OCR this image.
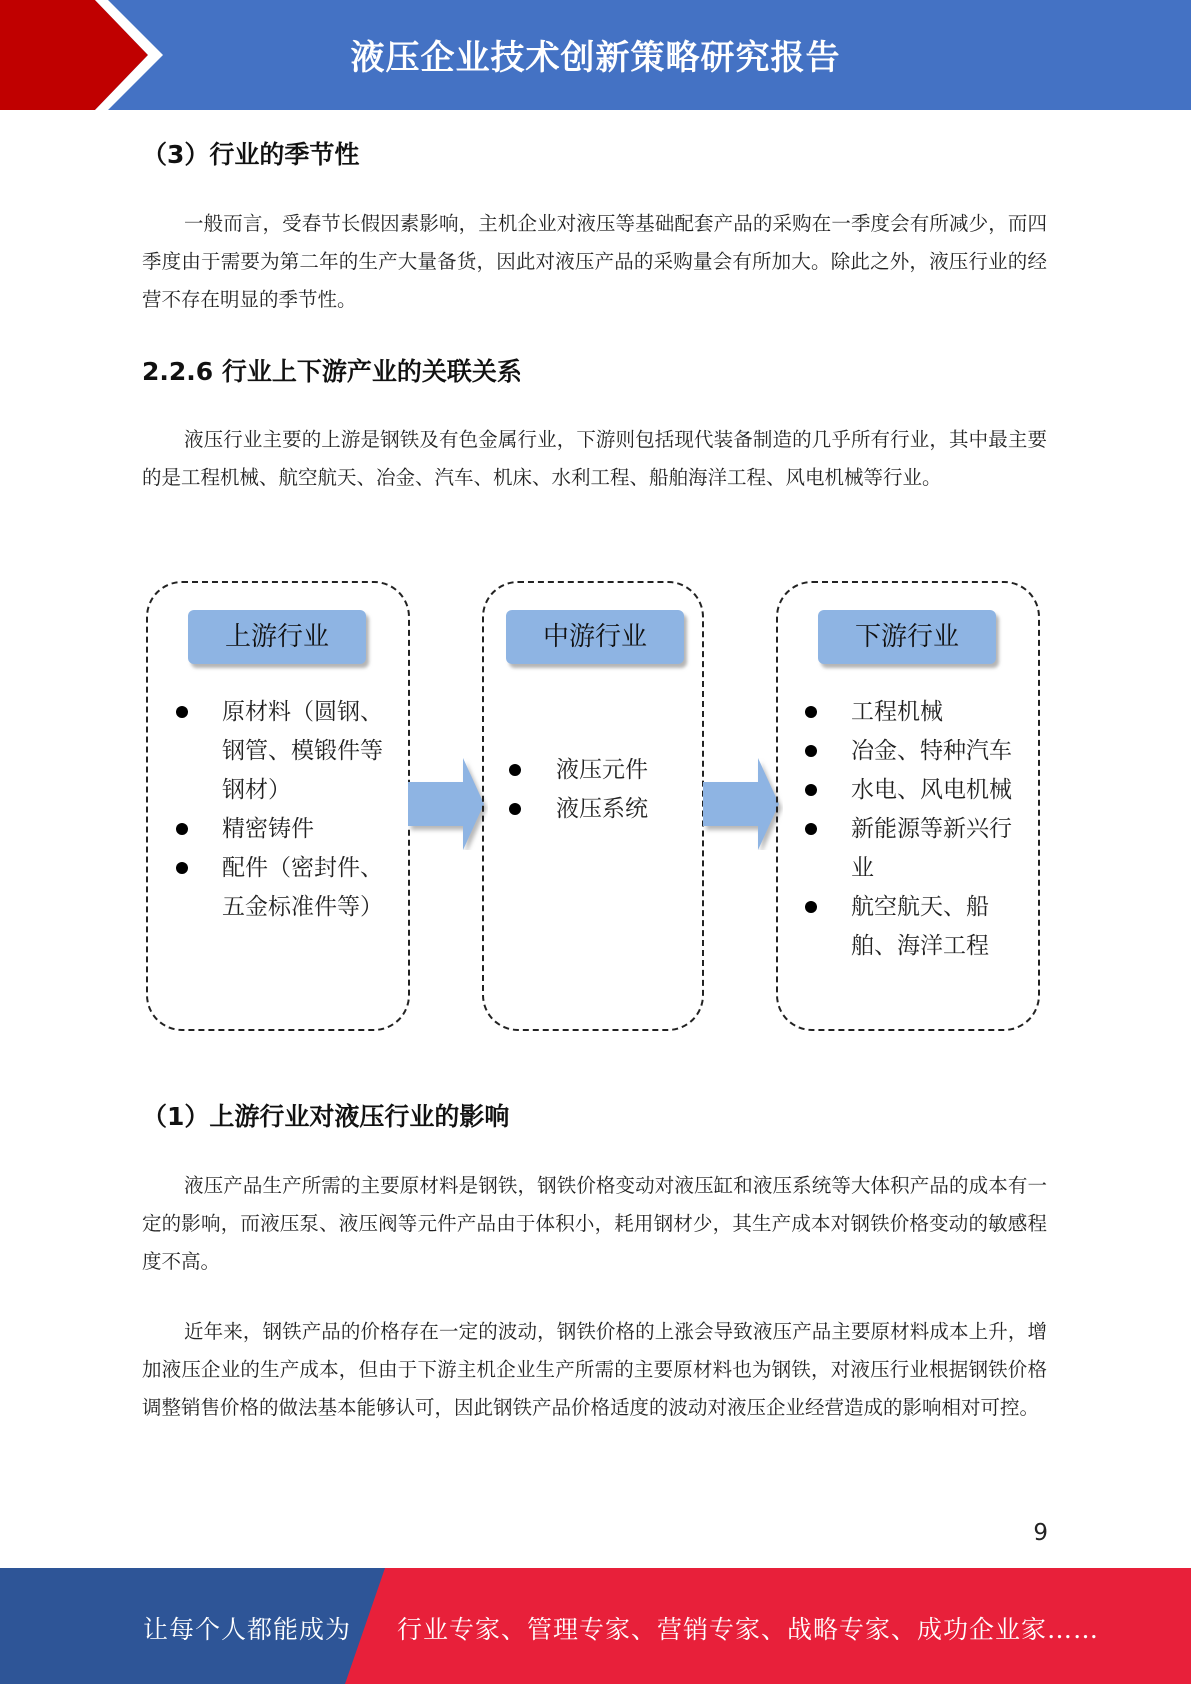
液压企业技术创新策略研究报告
（3）行业的季节性
一般而言，受春节长假因素影响，主机企业对液压等基础配套产品的采购在一季度会有所减少，而四季度由于需要为第二年的生产大量备货，因此对液压产品的采购量会有所加大。除此之外，液压行业的经营不存在明显的季节性。
2.2.6 行业上下游产业的关联关系
液压行业主要的上游是钢铁及有色金属行业，下游则包括现代装备制造的几乎所有行业，其中最主要的是工程机械、航空航天、冶金、汽车、机床、水利工程、船舶海洋工程、风电机械等行业。
上游行业
原材料（圆钢、钢管、模锻件等钢材）
精密铸件
配件（密封件、五金标准件等）
中游行业
液压元件
液压系统
下游行业
工程机械
冶金、特种汽车
水电、风电机械
新能源等新兴行业
航空航天、船舶、海洋工程
（1）上游行业对液压行业的影响
液压产品生产所需的主要原材料是钢铁，钢铁价格变动对液压缸和液压系统等大体积产品的成本有一定的影响，而液压泵、液压阀等元件产品由于体积小，耗用钢材少，其生产成本对钢铁价格变动的敏感程度不高。
近年来，钢铁产品的价格存在一定的波动，钢铁价格的上涨会导致液压产品主要原材料成本上升，增加液压企业的生产成本，但由于下游主机企业生产所需的主要原材料也为钢铁，对液压行业根据钢铁价格调整销售价格的做法基本能够认可，因此钢铁产品价格适度的波动对液压企业经营造成的影响相对可控。
9
让每个人都能成为 行业专家、管理专家、营销专家、战略专家、成功企业家……
